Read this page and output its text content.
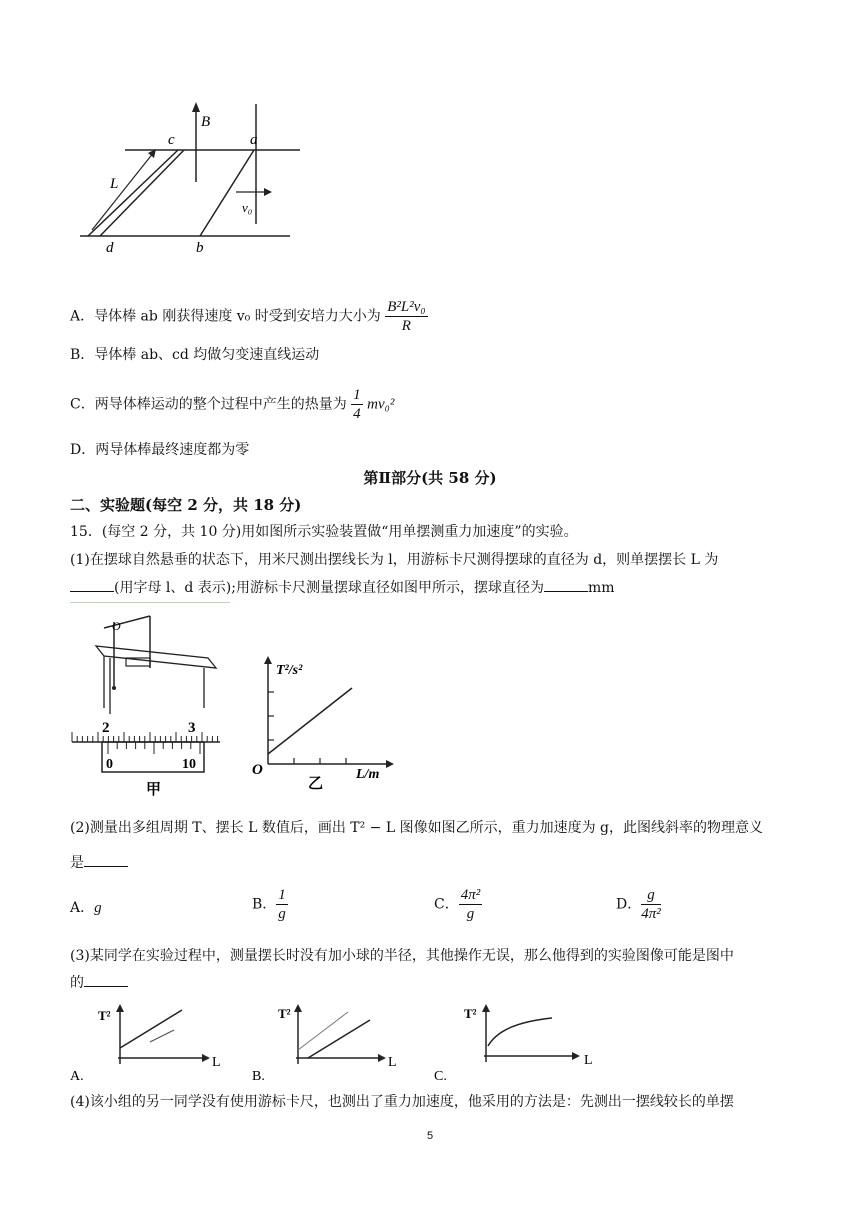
B
c	a
L
v₀
d	b
A．导体棒 ab 刚获得速度 v₀ 时受到安培力大小为 $\frac{\text{B²L²v₀}}{R}$
B．导体棒 ab、cd 均做匀变速直线运动
C．两导体棒运动的整个过程中产生的热量为 $\frac{1}{4} mv_0^2$
D．两导体棒最终速度都为零
第Ⅱ部分(共 58 分)
二、实验题(每空 2 分，共 18 分)
15．(每空 2 分，共 10 分)用如图所示实验装置做“用单摆测重力加速度”的实验。
(1)在摆球自然悬垂的状态下，用米尺测出摆线长为 l，用游标卡尺测得摆球的直径为 d，则单摆摆长 L 为
(用字母 l、d 表示);用游标卡尺测量摆球直径如图甲所示，摆球直径为	mm
O
2	3
0	10
甲
T²/s²
O	L/m
乙
(2)测量出多组周期 T、摆长 L 数值后，画出 T² − L 图像如图乙所示，重力加速度为 g，此图线斜率的物理意义
是
A．g	B． $\frac{1}{g}$	C． $\frac{\text{4π²}}{g}$	D． $\frac{g}{\text{4π²}}$
(3)某同学在实验过程中，测量摆长时没有加小球的半径，其他操作无误，那么他得到的实验图像可能是图中
的
A.
T²
L
B.
T²
L
C.
T²
L
(4)该小组的另一同学没有使用游标卡尺，也测出了重力加速度，他采用的方法是：先测出一摆线较长的单摆
5
